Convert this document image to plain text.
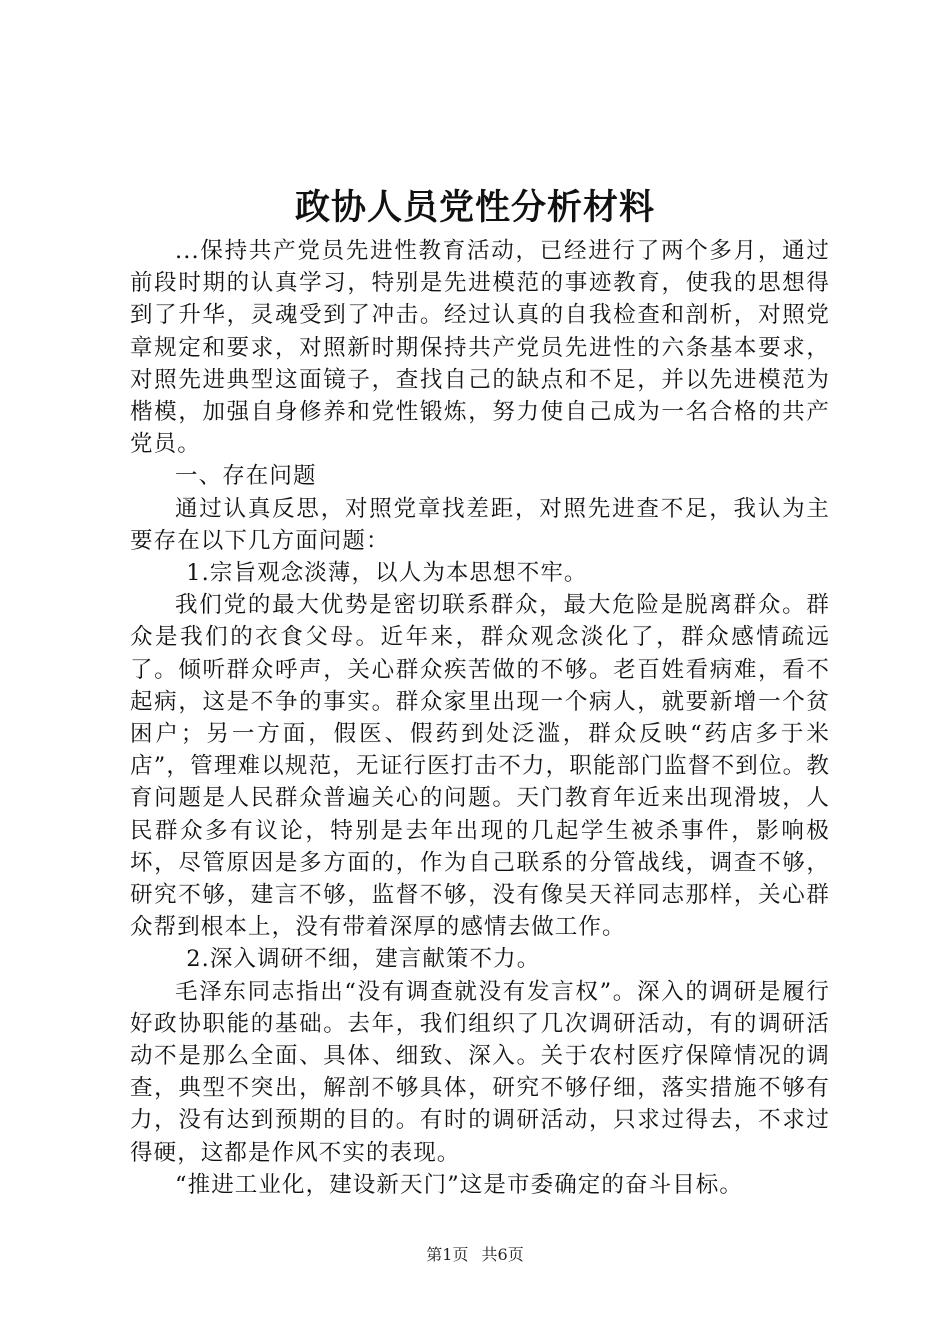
政协人员党性分析材料

...保持共产党员先进性教育活动，已经进行了两个多月，通过前段时期的认真学习，特别是先进模范的事迹教育，使我的思想得到了升华，灵魂受到了冲击。经过认真的自我检查和剖析，对照党章规定和要求，对照新时期保持共产党员先进性的六条基本要求，对照先进典型这面镜子，查找自己的缺点和不足，并以先进模范为楷模，加强自身修养和党性锻炼，努力使自己成为一名合格的共产党员。

一、存在问题

通过认真反思，对照党章找差距，对照先进查不足，我认为主要存在以下几方面问题：

1.宗旨观念淡薄，以人为本思想不牢。

我们党的最大优势是密切联系群众，最大危险是脱离群众。群众是我们的衣食父母。近年来，群众观念淡化了，群众感情疏远了。倾听群众呼声，关心群众疾苦做的不够。老百姓看病难，看不起病，这是不争的事实。群众家里出现一个病人，就要新增一个贫困户；另一方面，假医、假药到处泛滥，群众反映“药店多于米店”，管理难以规范，无证行医打击不力，职能部门监督不到位。教育问题是人民群众普遍关心的问题。天门教育年近来出现滑坡，人民群众多有议论，特别是去年出现的几起学生被杀事件，影响极坏，尽管原因是多方面的，作为自己联系的分管战线，调查不够，研究不够，建言不够，监督不够，没有像吴天祥同志那样，关心群众帮到根本上，没有带着深厚的感情去做工作。

2.深入调研不细，建言献策不力。

毛泽东同志指出“没有调查就没有发言权”。深入的调研是履行好政协职能的基础。去年，我们组织了几次调研活动，有的调研活动不是那么全面、具体、细致、深入。关于农村医疗保障情况的调查，典型不突出，解剖不够具体，研究不够仔细，落实措施不够有力，没有达到预期的目的。有时的调研活动，只求过得去，不求过得硬，这都是作风不实的表现。

“推进工业化，建设新天门”这是市委确定的奋斗目标。

第1页 共6页
